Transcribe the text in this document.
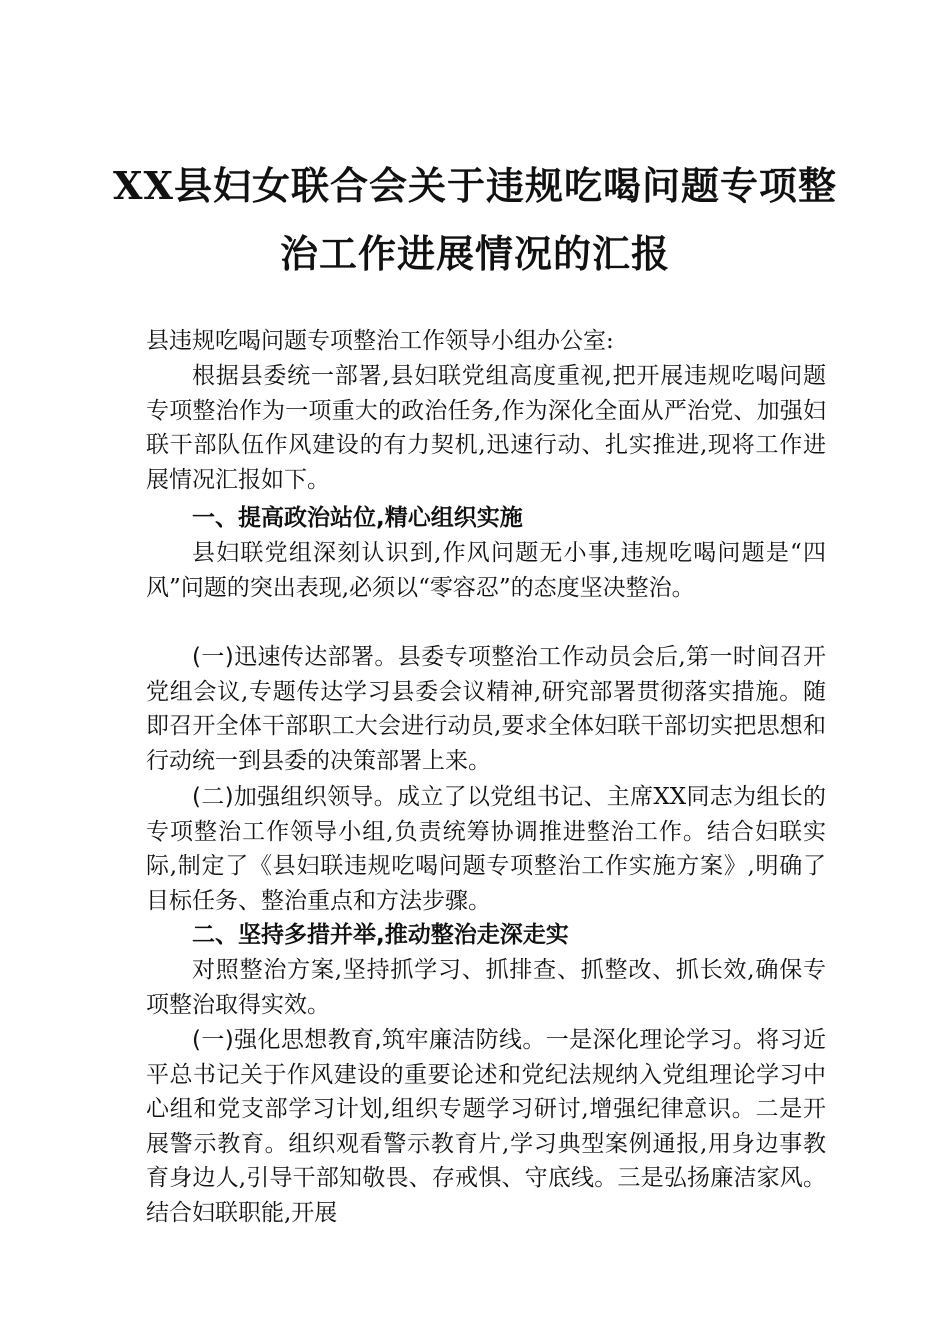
XX县妇女联合会关于违规吃喝问题专项整
治工作进展情况的汇报
县违规吃喝问题专项整治工作领导小组办公室:
根据县委统一部署,县妇联党组高度重视,把开展违规吃喝问题专项整治作为一项重大的政治任务,作为深化全面从严治党、加强妇联干部队伍作风建设的有力契机,迅速行动、扎实推进,现将工作进展情况汇报如下。
一、提高政治站位,精心组织实施
县妇联党组深刻认识到,作风问题无小事,违规吃喝问题是“四风”问题的突出表现,必须以“零容忍”的态度坚决整治。
(一)迅速传达部署。县委专项整治工作动员会后,第一时间召开党组会议,专题传达学习县委会议精神,研究部署贯彻落实措施。随即召开全体干部职工大会进行动员,要求全体妇联干部切实把思想和行动统一到县委的决策部署上来。
(二)加强组织领导。成立了以党组书记、主席XX同志为组长的专项整治工作领导小组,负责统筹协调推进整治工作。结合妇联实际,制定了《县妇联违规吃喝问题专项整治工作实施方案》,明确了目标任务、整治重点和方法步骤。
二、坚持多措并举,推动整治走深走实
对照整治方案,坚持抓学习、抓排查、抓整改、抓长效,确保专项整治取得实效。
(一)强化思想教育,筑牢廉洁防线。一是深化理论学习。将习近平总书记关于作风建设的重要论述和党纪法规纳入党组理论学习中心组和党支部学习计划,组织专题学习研讨,增强纪律意识。二是开展警示教育。组织观看警示教育片,学习典型案例通报,用身边事教育身边人,引导干部知敬畏、存戒惧、守底线。三是弘扬廉洁家风。结合妇联职能,开展
